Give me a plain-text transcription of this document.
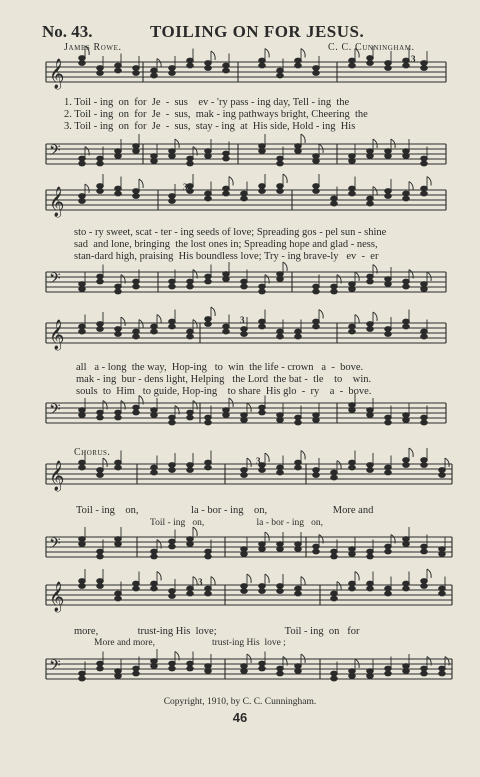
No. 43.	TOILING ON FOR JESUS.
James Rowe.	C. C. Cunningham.
𝄞
𝄢
𝄞
𝄢
𝄞
𝄢
𝄞
𝄢
𝄞
𝄢
3
3
3
3
3
1. Toil - ing  on  for  Je  -  sus    ev - 'ry pass - ing day, Tell - ing  the
2. Toil - ing  on  for  Je  -  sus,  mak - ing pathways bright, Cheering  the
3. Toil - ing  on  for  Je  -  sus,  stay - ing  at  His side, Hold - ing  His
sto - ry sweet, scat - ter - ing seeds of love; Spreading gos - pel sun - shine
sad  and lone, bringing  the lost ones in; Spreading hope and glad - ness,
stan-dard high, praising  His boundless love; Try - ing brave-ly   ev  -  er
all   a - long  the way,  Hop-ing   to  win  the life - crown   a  -  bove.
mak - ing  bur - dens light, Helping   the Lord  the bat -  tle    to    win.
souls  to  Him   to guide, Hop-ing    to share  His glo  -  ry    a  -  bove.
Chorus.
Toil - ing    on,                    la - bor - ing    on,                         More and
Toil - ing   on,                      la - bor - ing   on,
more,               trust-ing His  love;                          Toil - ing  on   for
More and more,                        trust-ing His  love ;
Copyright, 1910, by C. C. Cunningham.
46
